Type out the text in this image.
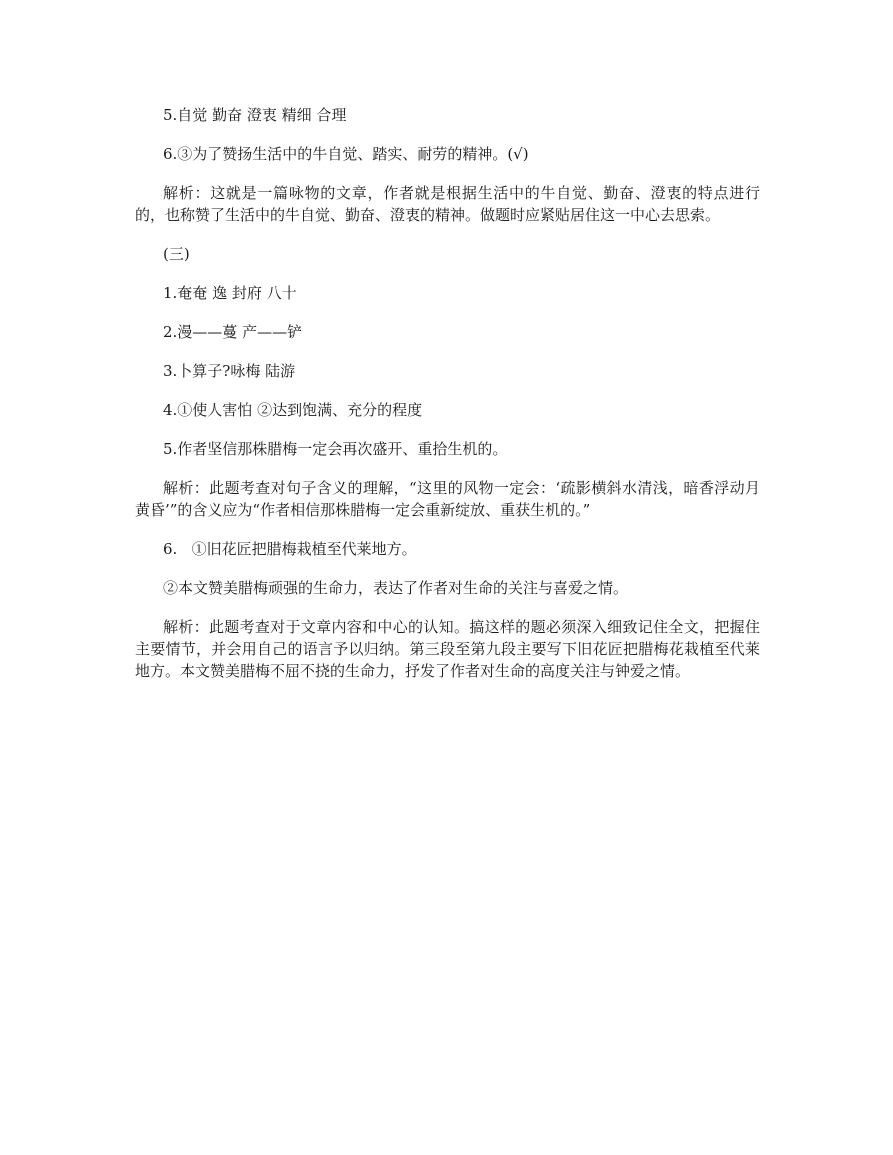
5.自觉 勤奋 澄衷 精细 合理

6.③为了赞扬生活中的牛自觉、踏实、耐劳的精神。(√)

解析：这就是一篇咏物的文章，作者就是根据生活中的牛自觉、勤奋、澄衷的特点进行的，也称赞了生活中的牛自觉、勤奋、澄衷的精神。做题时应紧贴居住这一中心去思索。

(三)

1.奄奄 逸 封府 八十

2.漫——蔓 产——铲

3.卜算子?咏梅 陆游

4.①使人害怕 ②达到饱满、充分的程度

5.作者坚信那株腊梅一定会再次盛开、重拾生机的。

解析：此题考查对句子含义的理解，“这里的风物一定会：‘疏影横斜水清浅，暗香浮动月黄昏’”的含义应为“作者相信那株腊梅一定会重新绽放、重获生机的。”

6.   ①旧花匠把腊梅栽植至代莱地方。

②本文赞美腊梅顽强的生命力，表达了作者对生命的关注与喜爱之情。

解析：此题考查对于文章内容和中心的认知。搞这样的题必须深入细致记住全文，把握住主要情节，并会用自己的语言予以归纳。第三段至第九段主要写下旧花匠把腊梅花栽植至代莱地方。本文赞美腊梅不屈不挠的生命力，抒发了作者对生命的高度关注与钟爱之情。
